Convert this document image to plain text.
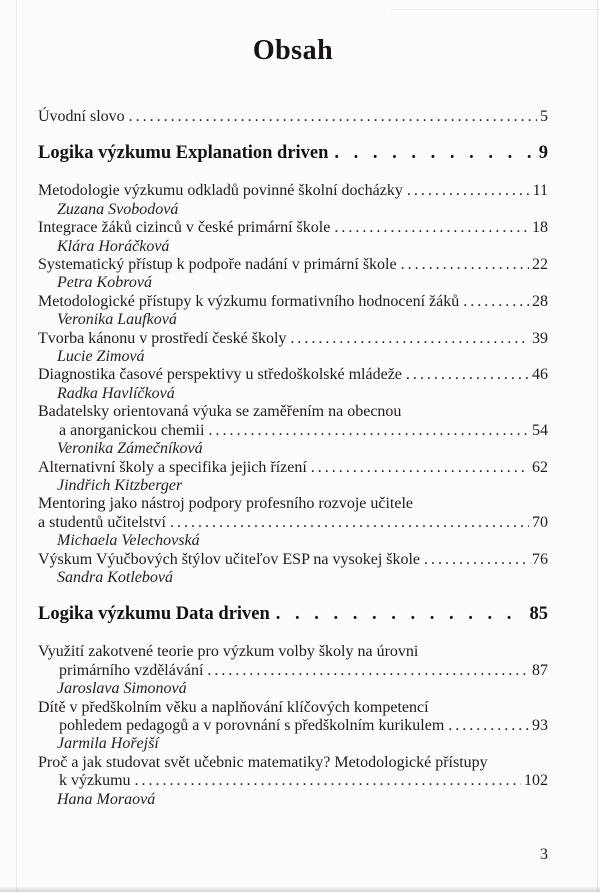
Obsah
Úvodní slovo .....	5
Logika výzkumu Explanation driven . . .	9
Metodologie výzkumu odkladů povinné školní docházky .....	11
Zuzana Svobodová
Integrace žáků cizinců v české primární škole .....	18
Klára Horáčková
Systematický přístup k podpoře nadání v primární škole .....	22
Petra Kobrová
Metodologické přístupy k výzkumu formativního hodnocení žáků .....	28
Veronika Laufková
Tvorba kánonu v prostředí české školy .....	39
Lucie Zimová
Diagnostika časové perspektivy u středoškolské mládeže .....	46
Radka Havlíčková
Badatelsky orientovaná výuka se zaměřením na obecnou
a anorganickou chemii .....	54
Veronika Zámečníková
Alternativní školy a specifika jejich řízení .....	62
Jindřich Kitzberger
Mentoring jako nástroj podpory profesního rozvoje učitele
a studentů učitelství .....	70
Michaela Velechovská
Výskum Výučbových štýlov učiteľov ESP na vysokej škole .....	76
Sandra Kotlebová
Logika výzkumu Data driven . . .	85
Využití zakotvené teorie pro výzkum volby školy na úrovni
primárního vzdělávání .....	87
Jaroslava Simonová
Dítě v předškolním věku a naplňování klíčových kompetencí
pohledem pedagogů a v porovnání s předškolním kurikulem .....	93
Jarmila Hořejší
Proč a jak studovat svět učebnic matematiky? Metodologické přístupy
k výzkumu .....	102
Hana Moraová
3
